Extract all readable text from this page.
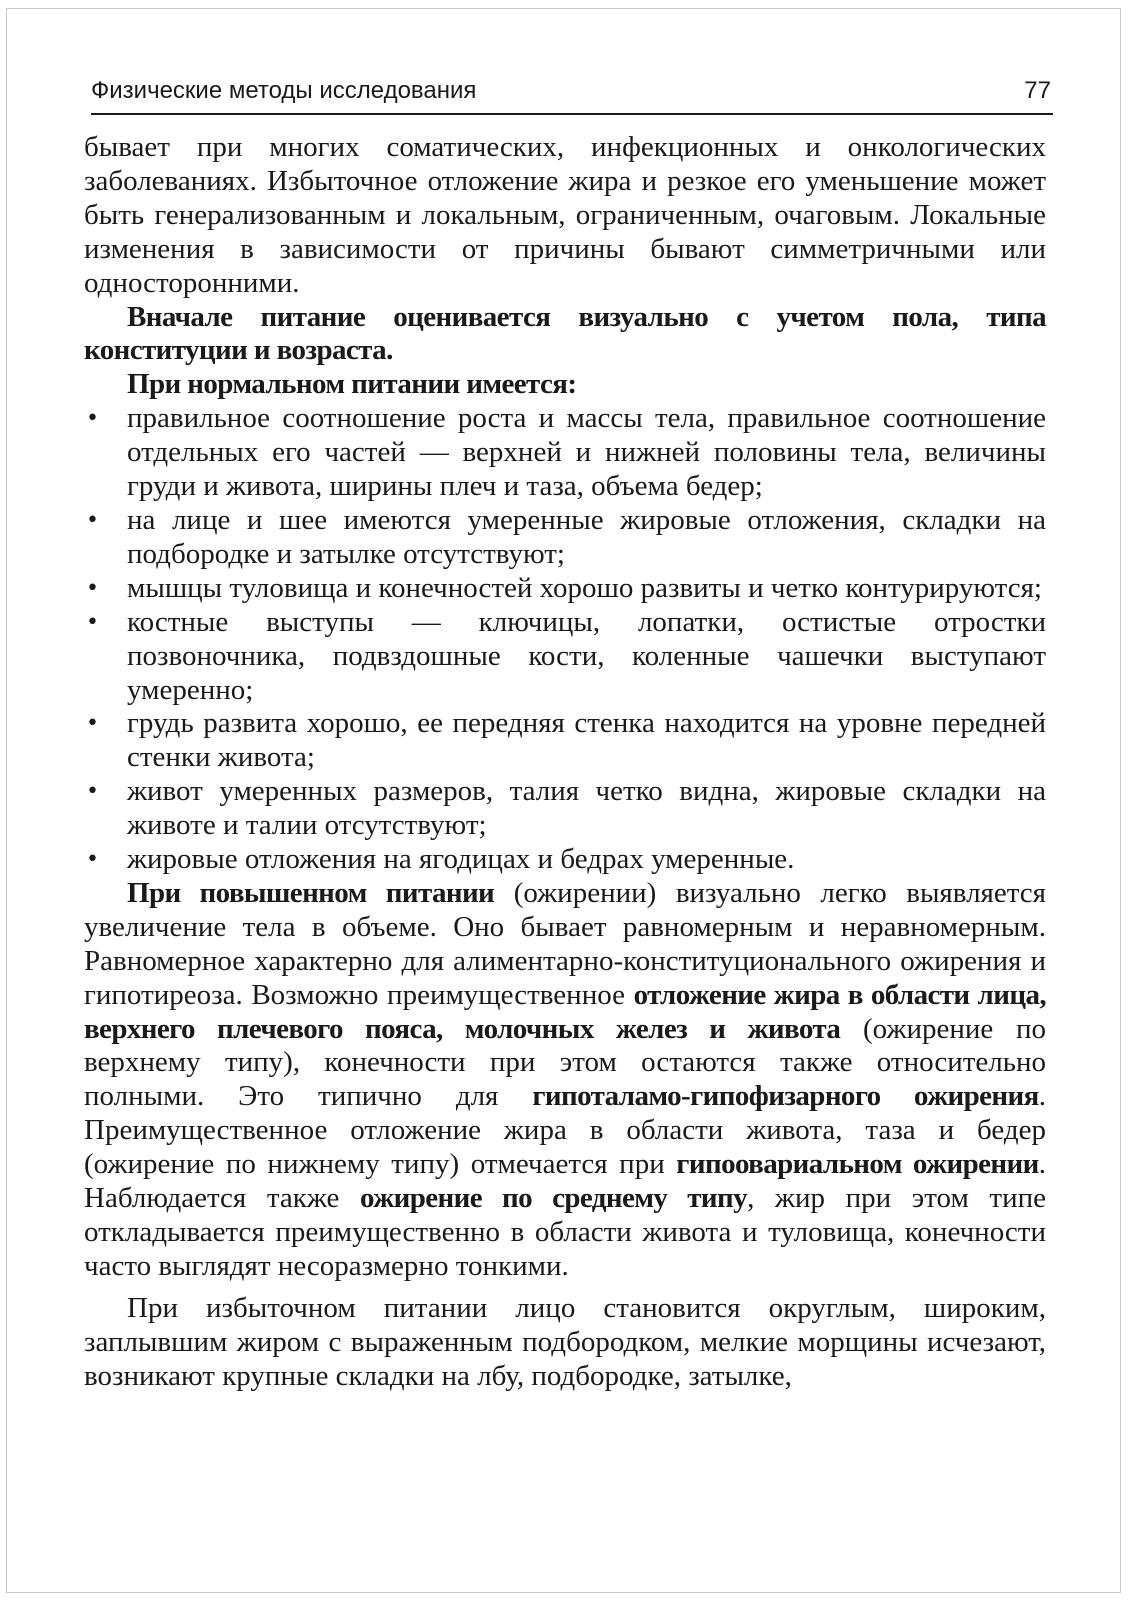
Физические методы исследования	77

бывает при многих соматических, инфекционных и онкологических заболеваниях. Избыточное отложение жира и резкое его уменьшение может быть генерализованным и локальным, ограниченным, очаговым. Локальные изменения в зависимости от причины бывают симметричными или односторонними.

Вначале питание оценивается визуально с учетом пола, типа конституции и возраста.

При нормальном питании имеется:

• правильное соотношение роста и массы тела, правильное соотношение отдельных его частей — верхней и нижней половины тела, величины груди и живота, ширины плеч и таза, объема бедер;
• на лице и шее имеются умеренные жировые отложения, складки на подбородке и затылке отсутствуют;
• мышцы туловища и конечностей хорошо развиты и четко контурируются;
• костные выступы — ключицы, лопатки, остистые отростки позвоночника, подвздошные кости, коленные чашечки выступают умеренно;
• грудь развита хорошо, ее передняя стенка находится на уровне передней стенки живота;
• живот умеренных размеров, талия четко видна, жировые складки на животе и талии отсутствуют;
• жировые отложения на ягодицах и бедрах умеренные.

При повышенном питании (ожирении) визуально легко выявляется увеличение тела в объеме. Оно бывает равномерным и неравномерным. Равномерное характерно для алиментарно-конституционального ожирения и гипотиреоза. Возможно преимущественное отложение жира в области лица, верхнего плечевого пояса, молочных желез и живота (ожирение по верхнему типу), конечности при этом остаются также относительно полными. Это типично для гипоталамо-гипофизарного ожирения. Преимущественное отложение жира в области живота, таза и бедер (ожирение по нижнему типу) отмечается при гипоовариальном ожирении. Наблюдается также ожирение по среднему типу, жир при этом типе откладывается преимущественно в области живота и туловища, конечности часто выглядят несоразмерно тонкими.

При избыточном питании лицо становится округлым, широким, заплывшим жиром с выраженным подбородком, мелкие морщины исчезают, возникают крупные складки на лбу, подбородке, затылке,
